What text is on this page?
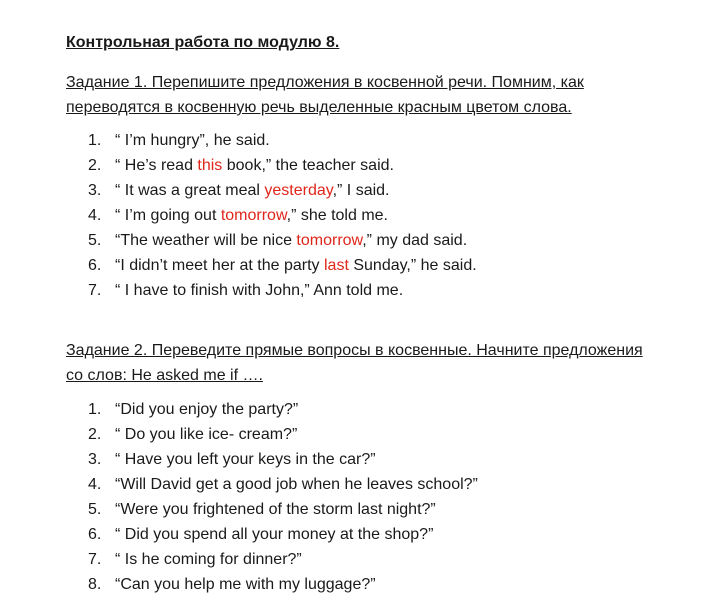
Контрольная работа по модулю 8.
Задание 1. Перепишите предложения в косвенной речи. Помним, как
переводятся в косвенную речь выделенные красным цветом слова.
1. “ I’m hungry”, he said.
2. “ He’s read this book,” the teacher said.
3. “ It was a great meal yesterday,” I said.
4. “ I’m going out tomorrow,” she told me.
5. “The weather will be nice tomorrow,” my dad said.
6. “I didn’t meet her at the party last Sunday,” he said.
7. “ I have to finish with John,” Ann told me.
Задание 2. Переведите прямые вопросы в косвенные. Начните предложения
со слов: He asked me if ….
1. “Did you enjoy the party?”
2. “ Do you like ice- cream?”
3. “ Have you left your keys in the car?”
4. “Will David get a good job when he leaves school?”
5. “Were you frightened of the storm last night?”
6. “ Did you spend all your money at the shop?”
7. “ Is he coming for dinner?”
8. “Can you help me with my luggage?”
